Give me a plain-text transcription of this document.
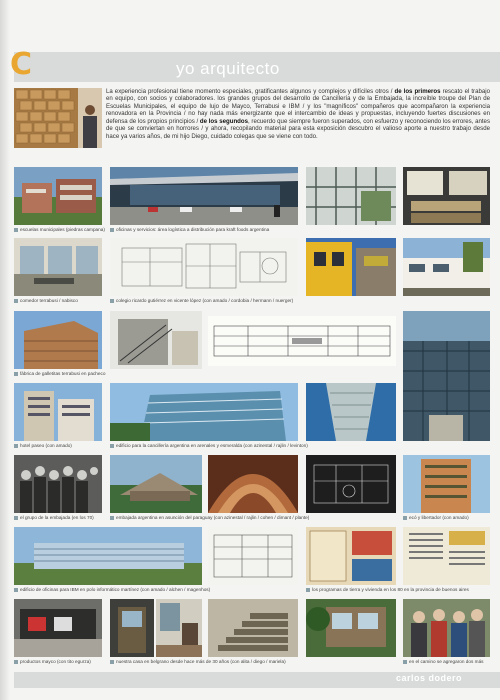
C	yo arquitecto
La experiencia profesional tiene momento especiales, gratificantes algunos y complejos y difíciles otros / de los primeros rescato el trabajo en equipo, con socios y colaboradores. los grandes grupos del desarrollo de Cancillería y de la Embajada, la increíble troupe del Plan de Escuelas Municipales, el equipo de lujo de Mayco, Terrabusi e IBM / y los "magníficos" compañeros que acompañaron la experiencia renovadora en la Provincia / no hay nada más energizante que el intercambio de ideas y propuestas, incluyendo fuertes discusiones en defensa de los propios principios / de los segundos, recuerdo que siempre fueron superados, con esfuerzo y reconociendo los errores, antes de que se conviertan en horrores / y ahora, recopilando material para esta exposición descubro el valioso aporte a nuestro trabajo desde hace ya varios años, de mi hijo Diego, cuidado colegas que se viene con todo.
escuelas municipales (piedras campana)	oficinas y servicios: área logística a distribución para kraft foods argentina
comedor terrabusi / nabisco	colegio ricardo gutiérrez en vicente lópez (con amado / cordobia / hermann / nuerger)
fábrica de galletitas terrabusi en pacheco
hotel paseo (con amado)	edificio para la cancillería argentina en arenales y esmeralda (con azinestal / rajlin / levinton)
el grupo de la embajada (en los 70)	embajada argentina en asunción del paraguay (con azinestal / rajlin / cohen / dimant / plante)	ecó y libertador (con amado)
edificio de oficinas para IBM en polo informático martínez (con amado / alchen / magenhos)	los programas de tierra y vivienda en los 80 en la provincia de buenos aires
productos mayco (con tito egurza)	nuestra casa en belgrano desde hace más de 30 años (con alita / diego / mariela)	en el camino se agregaron dos más
carlos dodero
